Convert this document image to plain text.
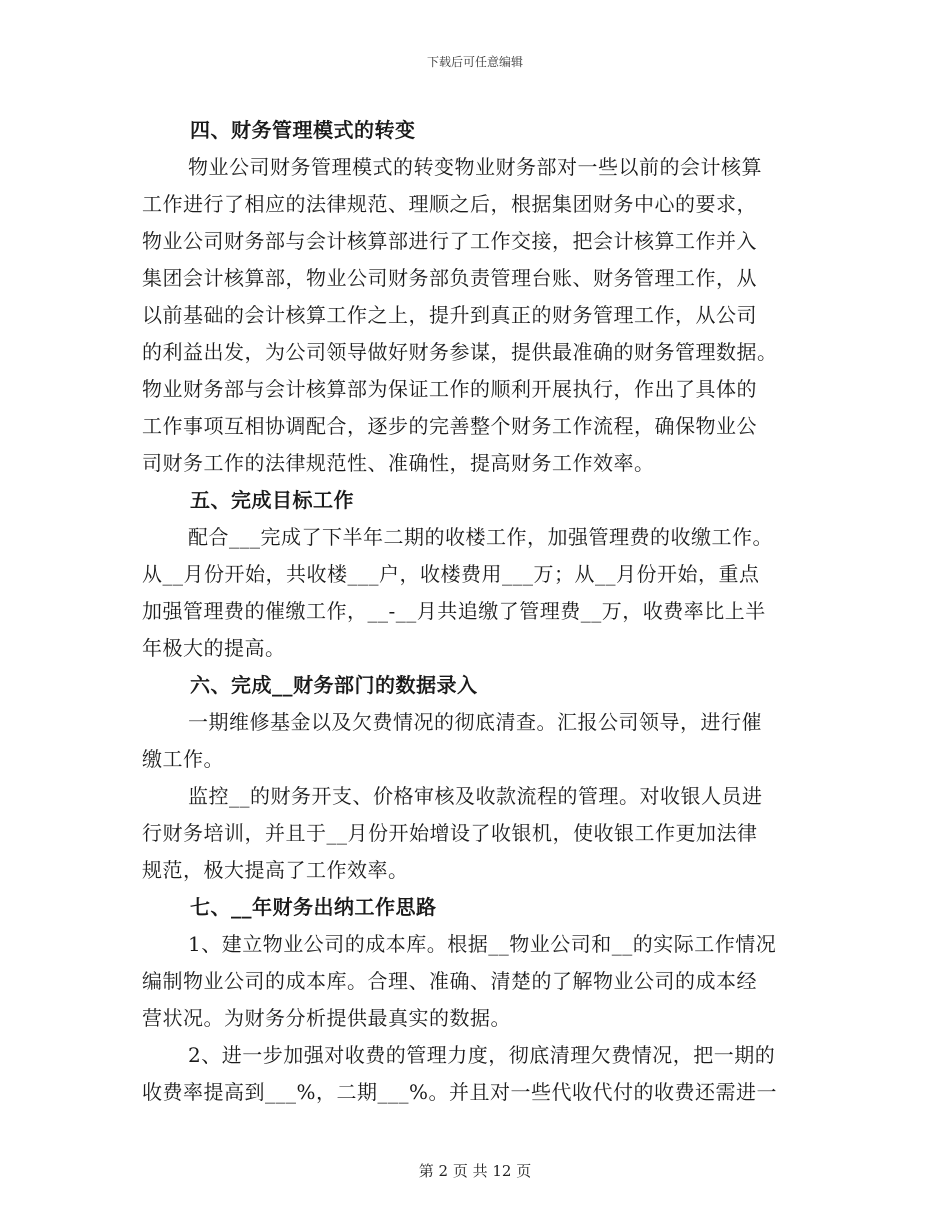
下载后可任意编辑
四、财务管理模式的转变
物业公司财务管理模式的转变物业财务部对一些以前的会计核算
工作进行了相应的法律规范、理顺之后，根据集团财务中心的要求，
物业公司财务部与会计核算部进行了工作交接，把会计核算工作并入
集团会计核算部，物业公司财务部负责管理台账、财务管理工作，从
以前基础的会计核算工作之上，提升到真正的财务管理工作，从公司
的利益出发，为公司领导做好财务参谋，提供最准确的财务管理数据。
物业财务部与会计核算部为保证工作的顺利开展执行，作出了具体的
工作事项互相协调配合，逐步的完善整个财务工作流程，确保物业公
司财务工作的法律规范性、准确性，提高财务工作效率。
五、完成目标工作
配合___完成了下半年二期的收楼工作，加强管理费的收缴工作。
从__月份开始，共收楼___户，收楼费用___万；从__月份开始，重点
加强管理费的催缴工作，__-__月共追缴了管理费__万，收费率比上半
年极大的提高。
六、完成__财务部门的数据录入
一期维修基金以及欠费情况的彻底清查。汇报公司领导，进行催
缴工作。
监控__的财务开支、价格审核及收款流程的管理。对收银人员进
行财务培训，并且于__月份开始增设了收银机，使收银工作更加法律
规范，极大提高了工作效率。
七、__年财务出纳工作思路
1、建立物业公司的成本库。根据__物业公司和__的实际工作情况
编制物业公司的成本库。合理、准确、清楚的了解物业公司的成本经
营状况。为财务分析提供最真实的数据。
2、进一步加强对收费的管理力度，彻底清理欠费情况，把一期的
收费率提高到___%，二期___%。并且对一些代收代付的收费还需进一
第 2 页 共 12 页
